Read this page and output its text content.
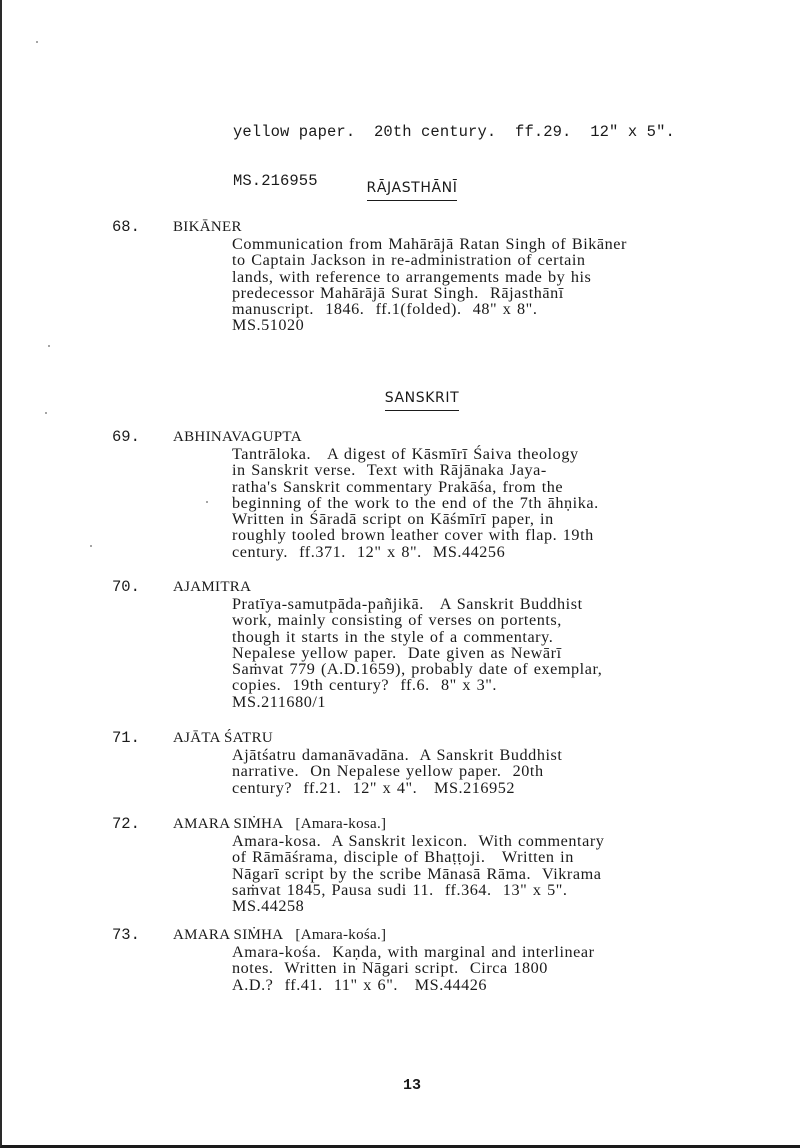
yellow paper.  20th century.  ff.29.  12" x 5".

MS.216955

	RĀJASTHĀNĪ
68. BIKĀNER
Communication from Mahārājā Ratan Singh of Bikāner
to Captain Jackson in re-administration of certain
lands, with reference to arrangements made by his
predecessor Mahārājā Surat Singh.  Rājasthānī
manuscript.  1846.  ff.1(folded).  48" x 8".
MS.51020
SANSKRIT
69. ABHINAVAGUPTA
Tantrāloka.   A digest of Kāsmīrī Śaiva theology
in Sanskrit verse.  Text with Rājānaka Jaya-
ratha's Sanskrit commentary Prakāśa, from the
beginning of the work to the end of the 7th āhṇika.
Written in Śāradā script on Kāśmīrī paper, in
roughly tooled brown leather cover with flap. 19th
century.  ff.371.  12" x 8".  MS.44256
70. AJAMITRA
Pratīya-samutpāda-pañjikā.   A Sanskrit Buddhist
work, mainly consisting of verses on portents,
though it starts in the style of a commentary.
Nepalese yellow paper.  Date given as Newārī
Saṁvat 779 (A.D.1659), probably date of exemplar,
copies.  19th century?  ff.6.  8" x 3".
MS.211680/1
71. AJĀTA ŚATRU
Ajātśatru damanāvadāna.  A Sanskrit Buddhist
narrative.  On Nepalese yellow paper.  20th
century?  ff.21.  12" x 4".   MS.216952
72. AMARA SIṀHA [Amara-kosa.]
Amara-kosa.  A Sanskrit lexicon.  With commentary
of Rāmāśrama, disciple of Bhaṭṭoji.   Written in
Nāgarī script by the scribe Mānasā Rāma.  Vikrama
saṁvat 1845, Pausa sudi 11.  ff.364.  13" x 5".
MS.44258
73. AMARA SIṀHA [Amara-kośa.]
Amara-kośa.  Kaṇda, with marginal and interlinear
notes.  Written in Nāgari script.  Circa 1800
A.D.?  ff.41.  11" x 6".   MS.44426
13
